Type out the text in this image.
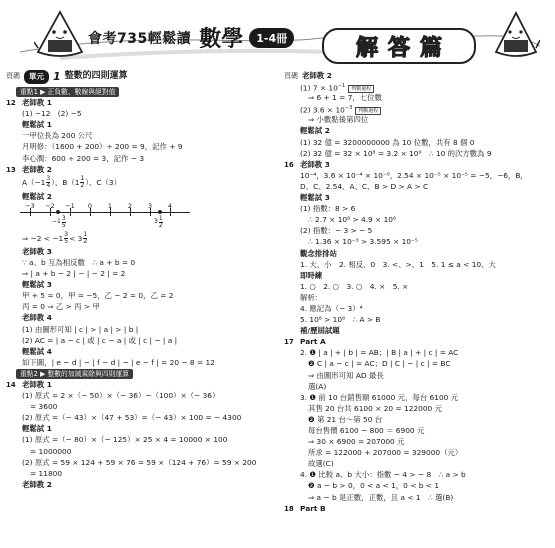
會考735輕鬆讀 數學	1-4冊	解 答 篇
頁碼	單元 1 整數的四則運算
重點1 ▶ 正負數、數線與絕對值
12 老師教 1
(1) −12　(2) −5
輕鬆試 1
一甲位長為 200 公尺
月明修：（1600 + 200）÷ 200 = 9，記作 + 9
李心潤：600 ÷ 200 = 3，記作 − 3
13 老師教 2
$A(-1 \frac{3}{4}$ ）、$B(1 \frac{1}{2}$ ）、C（3）
輕鬆試 2
−3 −2 −1 0 1 2 3 4
$-1 \frac{3}{5}$	$3 \frac{1}{2}$
⇒ $-2 < -1 \frac{3}{5} < 3 \frac{1}{2}$
老師教 3
∵ a、b 互為相反數　∴ a + b = 0
⇒ | a + b − 2 | − | − 2 | = 2
輕鬆試 3
甲 + 5 = 0，甲 = −5，乙 − 2 = 0，乙 = 2
丙 = 0 ⇒ 乙 > 丙 > 甲
老師教 4
(1) 由圖形可知 | c | > | a | > | b |
(2) AC = | a − c | 或 | c − a | 或 | c | − | a |
輕鬆試 4
如下圖，| e − d | − | f − d | − | e − f | = 20 − 8 = 12
重點2 ▶ 整數的加減乘除與四則運算
14 老師教 1
(1) 原式 = 2 ×（− 50）×（− 36）−（100）×（− 36）
= 3600
(2) 原式 =（− 43）×（47 + 53）=（− 43）× 100 = − 4300
輕鬆試 1
(1) 原式 =（− 80）×（− 125）× 25 × 4 = 10000 × 100
= 1000000
(2) 原式 = 59 × 124 + 59 × 76 = 59 ×（124 + 76）= 59 × 200
= 11800
老師教 2
頁碼 老師教 2
(1) $7 \times 10^{-1}$ 列數過程
⇒ 6 + 1 = 7，七位數
(2) $3.6 \times 10^{-3}$ 判斷過程
⇒ 小數點後第四位
輕鬆試 2
(1) 32 億 = 3200000000 為 10 位數，共有 8 個 0
(2) 32 億 = 32 × 10⁸ = 3.2 × 10⁹　∴ 10 的次方數為 9
16 老師教 3
10⁻⁴，3.6 × 10⁻⁴ × 10⁻⁹，2.54 × 10⁻⁵ × 10⁻⁵ = −5，−6，B，
D、C、2.54、A、C、B > D > A > C
輕鬆試 3
(1) 指數：8 > 6
∴ 2.7 × 10⁸ > 4.9 × 10⁶
(2) 指數：− 3 > − 5
∴ 1.36 × 10⁻³ > 3.595 × 10⁻⁵
觀念排排站
1. 大、小　2. 相反、0　3. <、>、1　5. 1 ≤ a < 10、大
即時練
1. ○　2. ○　3. ○　4. ×　5. ×
解析：
4. 應記為（− 3）⁴
5. 10⁸ > 10⁶　∴ A > B
補/歷屆試題
17 Part A
2. ❶ | a | + | b | = AB；| B | a | + | c | = AC
❷ C | a − c | = AC；D | C | − | c | = BC
⇒ 由圖形可知 AD 最長
選(A)
3. ❶ 前 10 台銷售額 61000 元，每台 6100 元
其售 20 台共 6100 × 20 = 122000 元
❷ 第 21 台～第 50 台
每台售價 6100 − 800 ＝ 6900 元
⇒ 30 × 6900 = 207000 元
所求 = 122000 + 207000 = 329000（元）
故選(C)
4. ❶ 比較 a、b 大小：指數 − 4 > − 8　∴ a > b
❷ a − b > 0，0 < a < 1，0 < b < 1
⇒ a − b 是正數，正數，且 a < 1　∴ 選(B)
18 Part B
